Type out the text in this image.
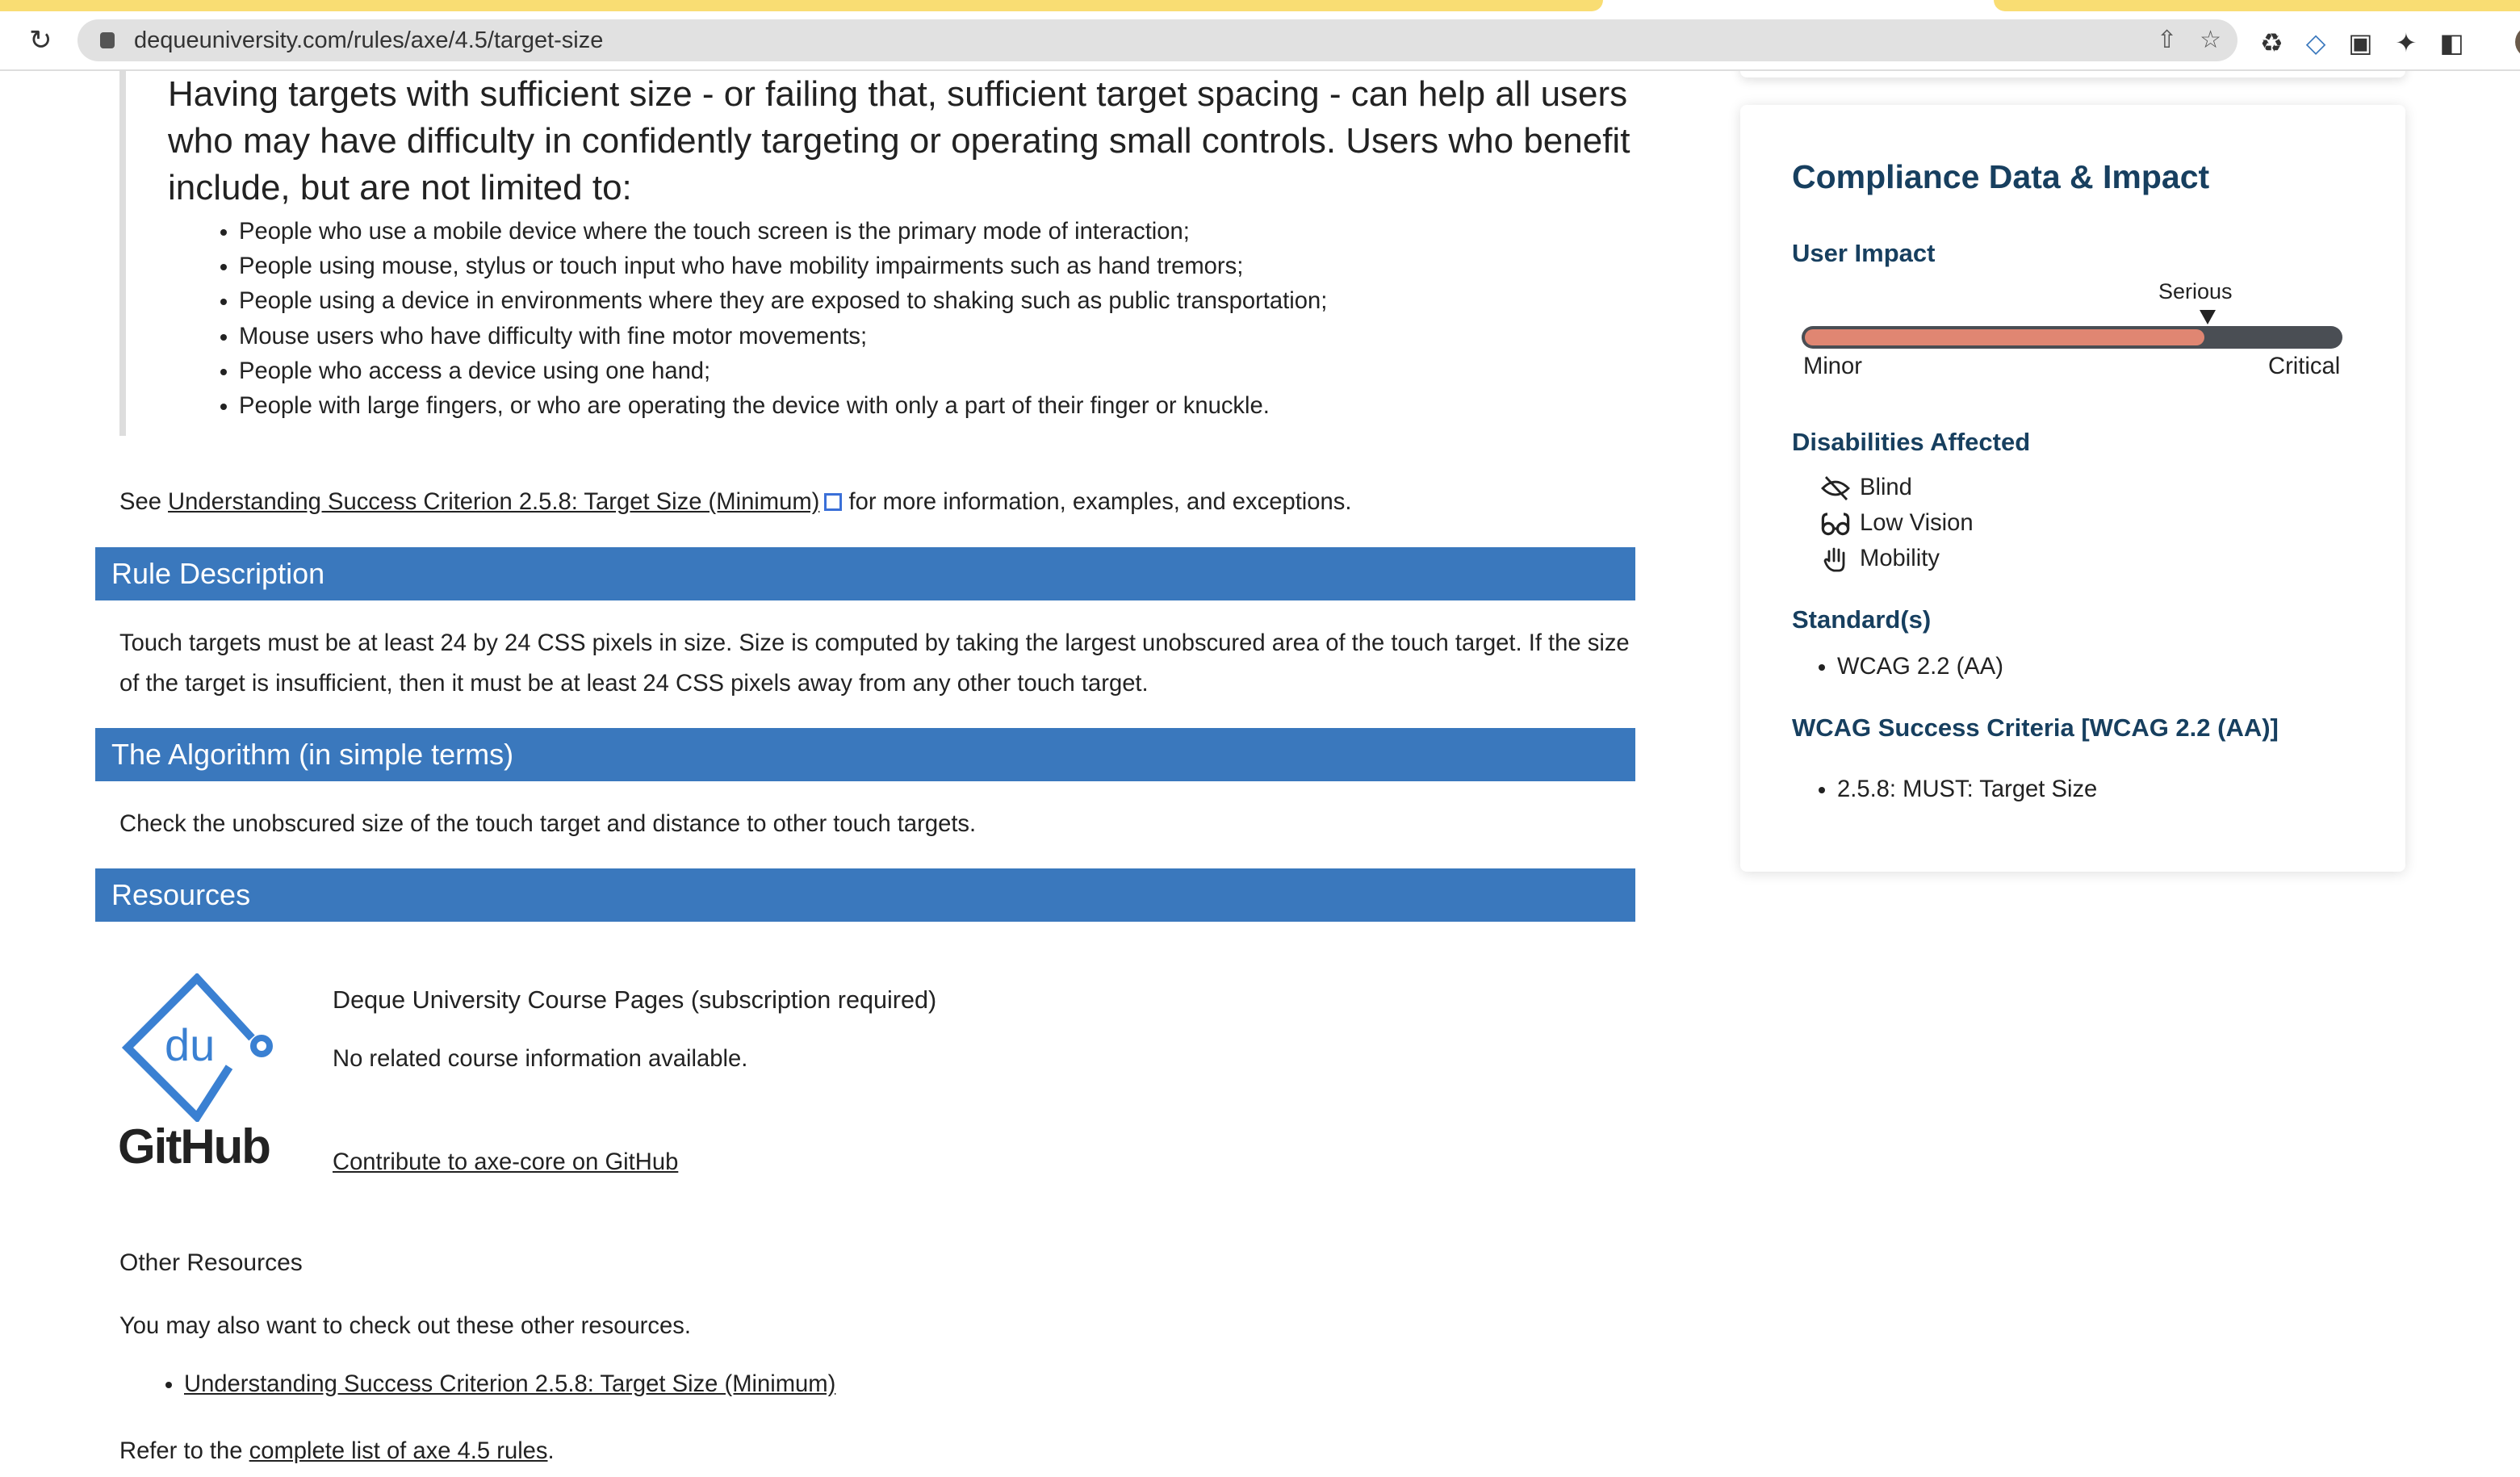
↻	dequeuniversity.com/rules/axe/4.5/target-size	⇧ ☆	♻ ◇ ▣ ✦ ◧

Having targets with sufficient size - or failing that, sufficient target spacing - can help all users who may have difficulty in confidently targeting or operating small controls. Users who benefit include, but are not limited to:

• People who use a mobile device where the touch screen is the primary mode of interaction;
• People using mouse, stylus or touch input who have mobility impairments such as hand tremors;
• People using a device in environments where they are exposed to shaking such as public transportation;
• Mouse users who have difficulty with fine motor movements;
• People who access a device using one hand;
• People with large fingers, or who are operating the device with only a part of their finger or knuckle.

See Understanding Success Criterion 2.5.8: Target Size (Minimum) for more information, examples, and exceptions.

Rule Description

Touch targets must be at least 24 by 24 CSS pixels in size. Size is computed by taking the largest unobscured area of the touch target. If the size of the target is insufficient, then it must be at least 24 CSS pixels away from any other touch target.

The Algorithm (in simple terms)

Check the unobscured size of the touch target and distance to other touch targets.

Resources
du
GitHub

Deque University Course Pages (subscription required)

No related course information available.

Contribute to axe-core on GitHub

Other Resources

You may also want to check out these other resources.

• Understanding Success Criterion 2.5.8: Target Size (Minimum)

Refer to the complete list of axe 4.5 rules.

Compliance Data & Impact
User Impact
Serious
Minor	Critical
Disabilities Affected
Blind
Low Vision
Mobility
Standard(s)
• WCAG 2.2 (AA)
WCAG Success Criteria [WCAG 2.2 (AA)]
• 2.5.8: MUST: Target Size
